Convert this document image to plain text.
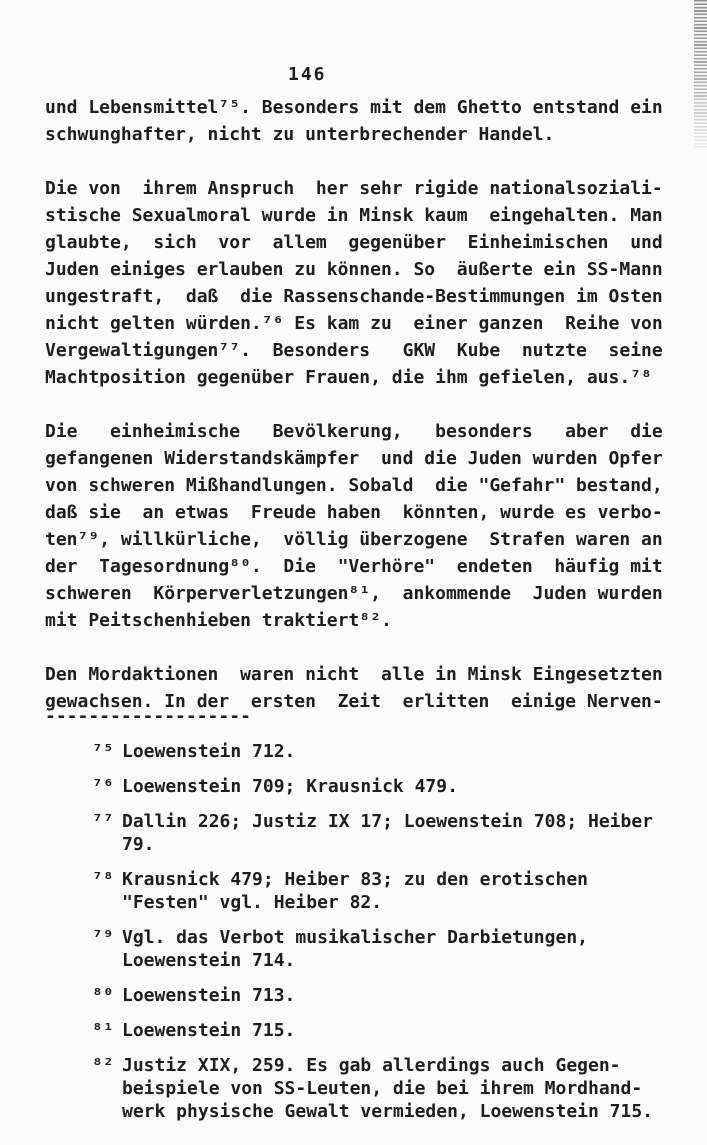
146
und Lebensmittel⁷⁵. Besonders mit dem Ghetto entstand ein
schwunghafter, nicht zu unterbrechender Handel.
Die von  ihrem Anspruch  her sehr rigide nationalsoziali-
stische Sexualmoral wurde in Minsk kaum  eingehalten. Man
glaubte,  sich  vor  allem  gegenüber  Einheimischen  und
Juden einiges erlauben zu können. So  äußerte ein SS-Mann
ungestraft,  daß  die Rassenschande-Bestimmungen im Osten
nicht gelten würden.⁷⁶ Es kam zu  einer ganzen  Reihe von
Vergewaltigungen⁷⁷.  Besonders   GKW  Kube  nutzte  seine
Machtposition gegenüber Frauen, die ihm gefielen, aus.⁷⁸
Die   einheimische   Bevölkerung,   besonders   aber  die
gefangenen Widerstandskämpfer  und die Juden wurden Opfer
von schweren Mißhandlungen. Sobald  die "Gefahr" bestand,
daß sie  an etwas  Freude haben  könnten, wurde es verbo-
ten⁷⁹, willkürliche,  völlig überzogene  Strafen waren an
der  Tagesordnung⁸⁰.  Die  "Verhöre"  endeten  häufig mit
schweren  Körperverletzungen⁸¹,  ankommende  Juden wurden
mit Peitschenhieben traktiert⁸².
Den Mordaktionen  waren nicht  alle in Minsk Eingesetzten
gewachsen. In der  ersten  Zeit  erlitten  einige Nerven-
-------------------
⁷⁵ Loewenstein 712.
⁷⁶ Loewenstein 709; Krausnick 479.
⁷⁷ Dallin 226; Justiz IX 17; Loewenstein 708; Heiber
79.
⁷⁸ Krausnick 479; Heiber 83; zu den erotischen
"Festen" vgl. Heiber 82.
⁷⁹ Vgl. das Verbot musikalischer Darbietungen,
Loewenstein 714.
⁸⁰ Loewenstein 713.
⁸¹ Loewenstein 715.
⁸² Justiz XIX, 259. Es gab allerdings auch Gegen-
beispiele von SS-Leuten, die bei ihrem Mordhand-
werk physische Gewalt vermieden, Loewenstein 715.
